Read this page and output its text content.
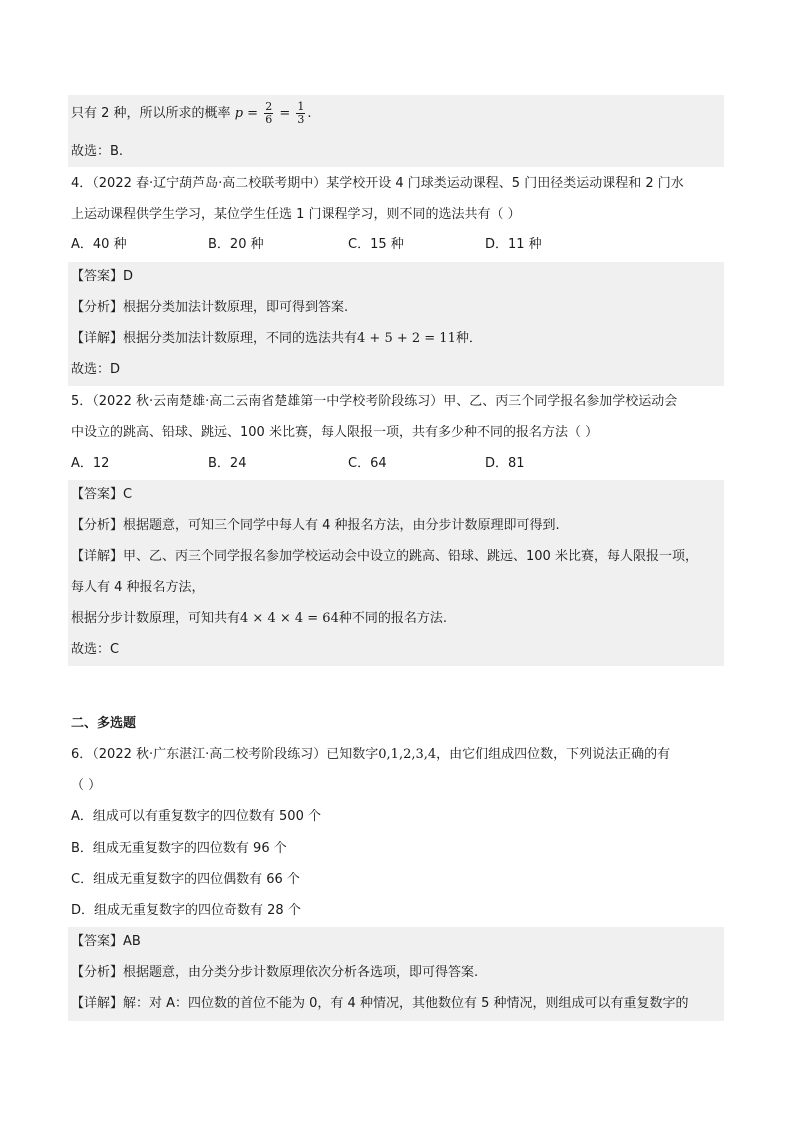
只有 2 种，所以所求的概率 $p = \frac{2}{6} = \frac{1}{3}$ .
故选：B.
4．（2022 春·辽宁葫芦岛·高二校联考期中）某学校开设 4 门球类运动课程、5 门田径类运动课程和 2 门水
上运动课程供学生学习，某位学生任选 1 门课程学习，则不同的选法共有（ ）
A．40 种	B．20 种	C．15 种	D．11 种
【答案】D
【分析】根据分类加法计数原理，即可得到答案.
【详解】根据分类加法计数原理，不同的选法共有4 + 5 + 2 = 11种．
故选：D
5．（2022 秋·云南楚雄·高二云南省楚雄第一中学校考阶段练习）甲、乙、丙三个同学报名参加学校运动会
中设立的跳高、铅球、跳远、100 米比赛，每人限报一项，共有多少种不同的报名方法（ ）
A．12	B．24	C．64	D．81
【答案】C
【分析】根据题意，可知三个同学中每人有 4 种报名方法，由分步计数原理即可得到.
【详解】甲、乙、丙三个同学报名参加学校运动会中设立的跳高、铅球、跳远、100 米比赛，每人限报一项，
每人有 4 种报名方法，
根据分步计数原理，可知共有4 × 4 × 4 = 64种不同的报名方法.
故选：C
二、多选题
6．（2022 秋·广东湛江·高二校考阶段练习）已知数字0,1,2,3,4，由它们组成四位数，下列说法正确的有
（ ）
A．组成可以有重复数字的四位数有 500 个
B．组成无重复数字的四位数有 96 个
C．组成无重复数字的四位偶数有 66 个
D．组成无重复数字的四位奇数有 28 个
【答案】AB
【分析】根据题意，由分类分步计数原理依次分析各选项，即可得答案.
【详解】解：对 A：四位数的首位不能为 0，有 4 种情况，其他数位有 5 种情况，则组成可以有重复数字的
